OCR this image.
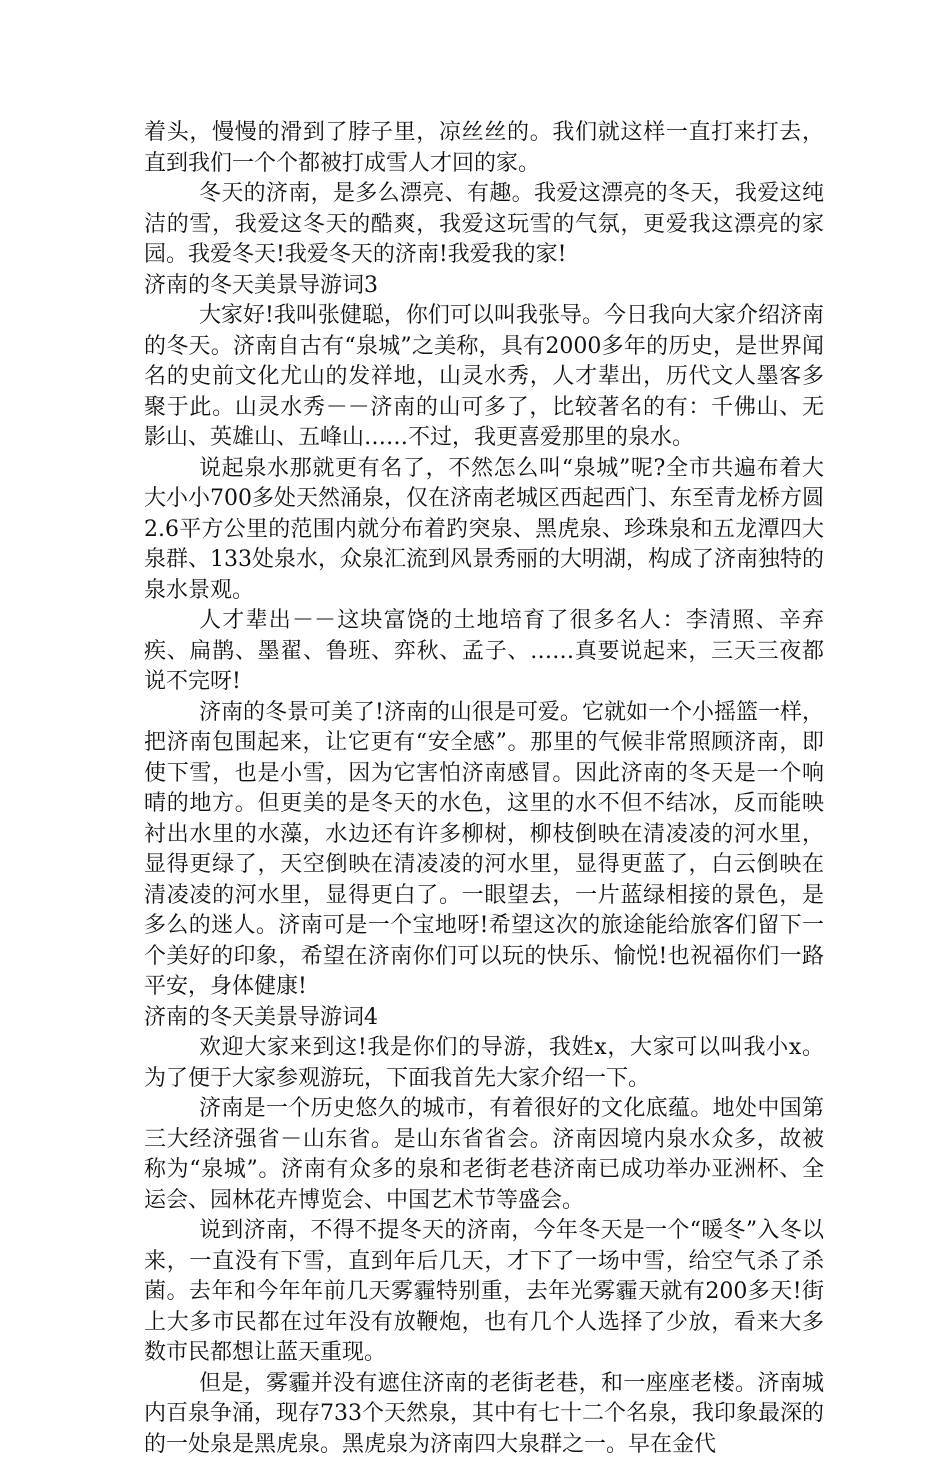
着头，慢慢的滑到了脖子里，凉丝丝的。我们就这样一直打来打去，直到我们一个个都被打成雪人才回的家。

冬天的济南，是多么漂亮、有趣。我爱这漂亮的冬天，我爱这纯洁的雪，我爱这冬天的酷爽，我爱这玩雪的气氛，更爱我这漂亮的家园。我爱冬天!我爱冬天的济南!我爱我的家!

济南的冬天美景导游词3

大家好!我叫张健聪，你们可以叫我张导。今日我向大家介绍济南的冬天。济南自古有“泉城”之美称，具有2000多年的历史，是世界闻名的史前文化尤山的发祥地，山灵水秀，人才辈出，历代文人墨客多聚于此。山灵水秀－－济南的山可多了，比较著名的有：千佛山、无影山、英雄山、五峰山……不过，我更喜爱那里的泉水。

说起泉水那就更有名了，不然怎么叫“泉城”呢?全市共遍布着大大小小700多处天然涌泉，仅在济南老城区西起西门、东至青龙桥方圆2.6平方公里的范围内就分布着趵突泉、黑虎泉、珍珠泉和五龙潭四大泉群、133处泉水，众泉汇流到风景秀丽的大明湖，构成了济南独特的泉水景观。

人才辈出－－这块富饶的土地培育了很多名人：李清照、辛弃疾、扁鹊、墨翟、鲁班、弈秋、孟子、……真要说起来，三天三夜都说不完呀!

济南的冬景可美了!济南的山很是可爱。它就如一个小摇篮一样，把济南包围起来，让它更有“安全感”。那里的气候非常照顾济南，即使下雪，也是小雪，因为它害怕济南感冒。因此济南的冬天是一个响晴的地方。但更美的是冬天的水色，这里的水不但不结冰，反而能映衬出水里的水藻，水边还有许多柳树，柳枝倒映在清凌凌的河水里，显得更绿了，天空倒映在清凌凌的河水里，显得更蓝了，白云倒映在清凌凌的河水里，显得更白了。一眼望去，一片蓝绿相接的景色，是多么的迷人。济南可是一个宝地呀!希望这次的旅途能给旅客们留下一个美好的印象，希望在济南你们可以玩的快乐、愉悦!也祝福你们一路平安，身体健康!

济南的冬天美景导游词4

欢迎大家来到这!我是你们的导游，我姓x，大家可以叫我小x。为了便于大家参观游玩，下面我首先大家介绍一下。

济南是一个历史悠久的城市，有着很好的文化底蕴。地处中国第三大经济强省－山东省。是山东省省会。济南因境内泉水众多，故被称为“泉城”。济南有众多的泉和老街老巷济南已成功举办亚洲杯、全运会、园林花卉博览会、中国艺术节等盛会。

说到济南，不得不提冬天的济南，今年冬天是一个“暖冬”入冬以来，一直没有下雪，直到年后几天，才下了一场中雪，给空气杀了杀菌。去年和今年年前几天雾霾特别重，去年光雾霾天就有200多天!街上大多市民都在过年没有放鞭炮，也有几个人选择了少放，看来大多数市民都想让蓝天重现。

但是，雾霾并没有遮住济南的老街老巷，和一座座老楼。济南城内百泉争涌，现存733个天然泉，其中有七十二个名泉，我印象最深的的一处泉是黑虎泉。黑虎泉为济南四大泉群之一。早在金代
